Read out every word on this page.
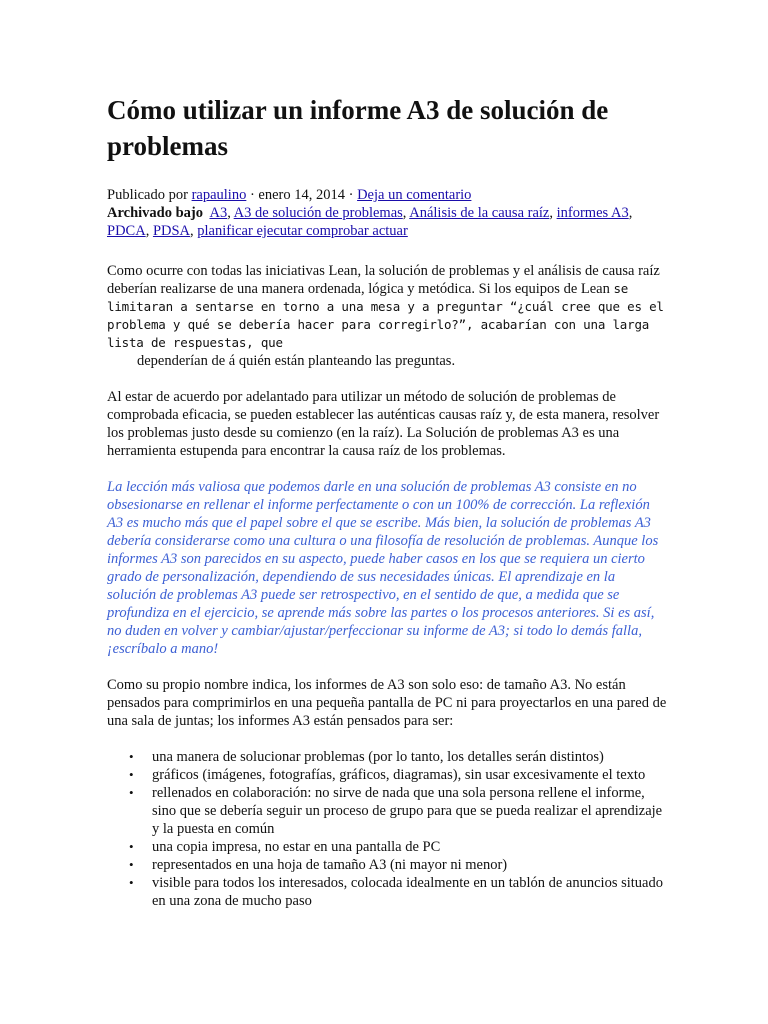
Cómo utilizar un informe A3 de solución de problemas
Publicado por rapaulino · enero 14, 2014 · Deja un comentario
Archivado bajo A3, A3 de solución de problemas, Análisis de la causa raíz, informes A3, PDCA, PDSA, planificar ejecutar comprobar actuar

Como ocurre con todas las iniciativas Lean, la solución de problemas y el análisis de causa raíz deberían realizarse de una manera ordenada, lógica y metódica. Si los equipos de Lean se limitaran a sentarse en torno a una mesa y a preguntar “¿cuál cree que es el problema y qué se debería hacer para corregirlo?”, acabarían con una larga lista de respuestas, que
dependerían de á quién están planteando las preguntas.

Al estar de acuerdo por adelantado para utilizar un método de solución de problemas de comprobada eficacia, se pueden establecer las auténticas causas raíz y, de esta manera, resolver los problemas justo desde su comienzo (en la raíz). La Solución de problemas A3 es una herramienta estupenda para encontrar la causa raíz de los problemas.

La lección más valiosa que podemos darle en una solución de problemas A3 consiste en no obsesionarse en rellenar el informe perfectamente o con un 100% de corrección. La reflexión A3 es mucho más que el papel sobre el que se escribe. Más bien, la solución de problemas A3 debería considerarse como una cultura o una filosofía de resolución de problemas. Aunque los informes A3 son parecidos en su aspecto, puede haber casos en los que se requiera un cierto grado de personalización, dependiendo de sus necesidades únicas. El aprendizaje en la solución de problemas A3 puede ser retrospectivo, en el sentido de que, a medida que se profundiza en el ejercicio, se aprende más sobre las partes o los procesos anteriores. Si es así, no duden en volver y cambiar/ajustar/perfeccionar su informe de A3; si todo lo demás falla, ¡escríbalo a mano!

Como su propio nombre indica, los informes de A3 son solo eso: de tamaño A3. No están pensados para comprimirlos en una pequeña pantalla de PC ni para proyectarlos en una pared de una sala de juntas; los informes A3 están pensados para ser:

• una manera de solucionar problemas (por lo tanto, los detalles serán distintos)
• gráficos (imágenes, fotografías, gráficos, diagramas), sin usar excesivamente el texto
• rellenados en colaboración: no sirve de nada que una sola persona rellene el informe, sino que se debería seguir un proceso de grupo para que se pueda realizar el aprendizaje y la puesta en común
• una copia impresa, no estar en una pantalla de PC
• representados en una hoja de tamaño A3 (ni mayor ni menor)
• visible para todos los interesados, colocada idealmente en un tablón de anuncios situado en una zona de mucho paso
